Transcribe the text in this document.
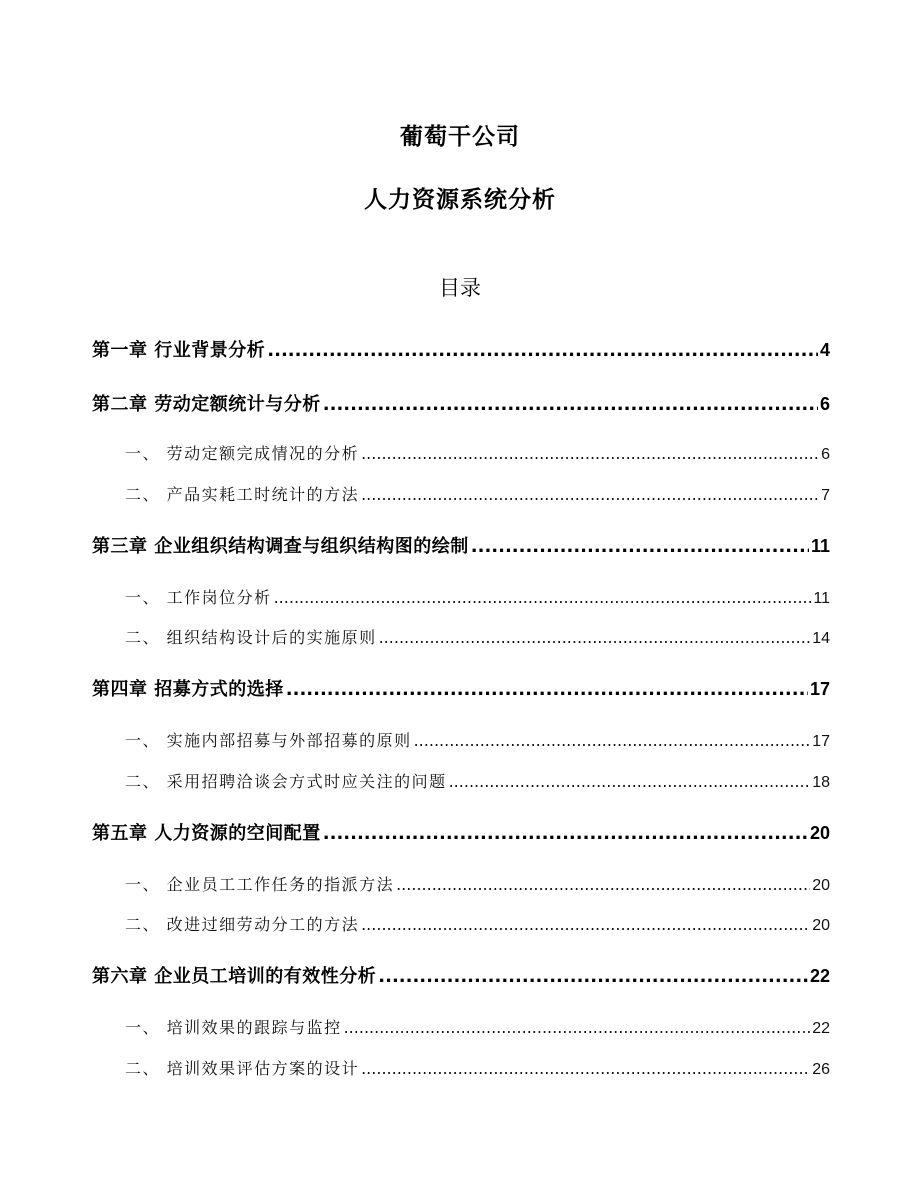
葡萄干公司
人力资源系统分析
目录
第一章 行业背景分析 .....	4
第二章 劳动定额统计与分析 .....	6
一、 劳动定额完成情况的分析 .....	6
二、 产品实耗工时统计的方法 .....	7
第三章 企业组织结构调查与组织结构图的绘制 .....	11
一、 工作岗位分析 .....	11
二、 组织结构设计后的实施原则 .....	14
第四章 招募方式的选择 .....	17
一、 实施内部招募与外部招募的原则 .....	17
二、 采用招聘洽谈会方式时应关注的问题 .....	18
第五章 人力资源的空间配置 .....	20
一、 企业员工工作任务的指派方法 .....	20
二、 改进过细劳动分工的方法 .....	20
第六章 企业员工培训的有效性分析 .....	22
一、 培训效果的跟踪与监控 .....	22
二、 培训效果评估方案的设计 .....	26
